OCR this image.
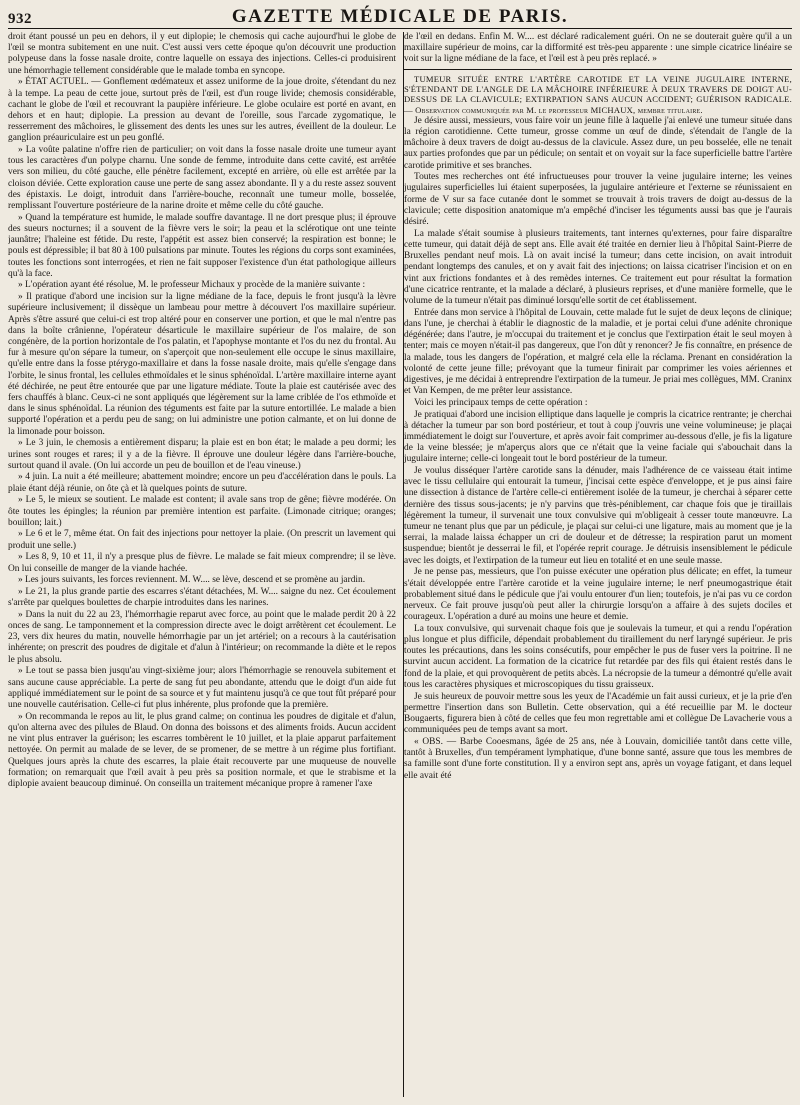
932	GAZETTE MÉDICALE DE PARIS.

droit étant poussé un peu en dehors, il y eut diplopie; le chemosis qui cache aujourd'hui le globe de l'œil se montra subitement en une nuit. C'est aussi vers cette époque qu'on découvrit une production polypeuse dans la fosse nasale droite, contre laquelle on essaya des injections. Celles-ci produisirent une hémorrhagie tellement considérable que le malade tomba en syncope.

» ÉTAT ACTUEL. — Gonflement œdémateux et assez uniforme de la joue droite, s'étendant du nez à la tempe. La peau de cette joue, surtout près de l'œil, est d'un rouge livide; chemosis considérable, cachant le globe de l'œil et recouvrant la paupière inférieure. Le globe oculaire est porté en avant, en dehors et en haut; diplopie. La pression au devant de l'oreille, sous l'arcade zygomatique, le resserrement des mâchoires, le glissement des dents les unes sur les autres, éveillent de la douleur. Le ganglion préauriculaire est un peu gonflé.

» La voûte palatine n'offre rien de particulier; on voit dans la fosse nasale droite une tumeur ayant tous les caractères d'un polype charnu. Une sonde de femme, introduite dans cette cavité, est arrêtée vers son milieu, du côté gauche, elle pénètre facilement, excepté en arrière, où elle est arrêtée par la cloison déviée. Cette exploration cause une perte de sang assez abondante. Il y a du reste assez souvent des épistaxis. Le doigt, introduit dans l'arrière-bouche, reconnaît une tumeur molle, bosselée, remplissant l'ouverture postérieure de la narine droite et même celle du côté gauche.

» Quand la température est humide, le malade souffre davantage. Il ne dort presque plus; il éprouve des sueurs nocturnes; il a souvent de la fièvre vers le soir; la peau et la sclérotique ont une teinte jaunâtre; l'haleine est fétide. Du reste, l'appétit est assez bien conservé; la respiration est bonne; le pouls est dépressible; il bat 80 à 100 pulsations par minute. Toutes les régions du corps sont examinées, toutes les fonctions sont interrogées, et rien ne fait supposer l'existence d'un état pathologique ailleurs qu'à la face.

» L'opération ayant été résolue, M. le professeur Michaux y procède de la manière suivante :

» Il pratique d'abord une incision sur la ligne médiane de la face, depuis le front jusqu'à la lèvre supérieure inclusivement; il dissèque un lambeau pour mettre à découvert l'os maxillaire supérieur. Après s'être assuré que celui-ci est trop altéré pour en conserver une portion, et que le mal n'entre pas dans la boîte crânienne, l'opérateur désarticule le maxillaire supérieur de l'os malaire, de son congénère, de la portion horizontale de l'os palatin, et l'apophyse montante et l'os du nez du frontal. Au fur à mesure qu'on sépare la tumeur, on s'aperçoit que non-seulement elle occupe le sinus maxillaire, qu'elle entre dans la fosse ptérygo-maxillaire et dans la fosse nasale droite, mais qu'elle s'engage dans l'orbite, le sinus frontal, les cellules ethmoïdales et le sinus sphénoïdal. L'artère maxillaire interne ayant été déchirée, ne peut être entourée que par une ligature médiate. Toute la plaie est cautérisée avec des fers chauffés à blanc. Ceux-ci ne sont appliqués que légèrement sur la lame criblée de l'os ethmoïde et dans le sinus sphénoïdal. La réunion des téguments est faite par la suture entortillée. Le malade a bien supporté l'opération et a perdu peu de sang; on lui administre une potion calmante, et on lui donne de la limonade pour boisson.

» Le 3 juin, le chemosis a entièrement disparu; la plaie est en bon état; le malade a peu dormi; les urines sont rouges et rares; il y a de la fièvre. Il éprouve une douleur légère dans l'arrière-bouche, surtout quand il avale. (On lui accorde un peu de bouillon et de l'eau vineuse.)

» 4 juin. La nuit a été meilleure; abattement moindre; encore un peu d'accélération dans le pouls. La plaie étant déjà réunie, on ôte çà et là quelques points de suture.

» Le 5, le mieux se soutient. Le malade est content; il avale sans trop de gêne; fièvre modérée. On ôte toutes les épingles; la réunion par première intention est parfaite. (Limonade citrique; oranges; bouillon; lait.)

» Le 6 et le 7, même état. On fait des injections pour nettoyer la plaie. (On prescrit un lavement qui produit une selle.)

» Les 8, 9, 10 et 11, il n'y a presque plus de fièvre. Le malade se fait mieux comprendre; il se lève. On lui conseille de manger de la viande hachée.

» Les jours suivants, les forces reviennent. M. W.... se lève, descend et se promène au jardin.

» Le 21, la plus grande partie des escarres s'étant détachées, M. W.... saigne du nez. Cet écoulement s'arrête par quelques boulettes de charpie introduites dans les narines.

» Dans la nuit du 22 au 23, l'hémorrhagie reparut avec force, au point que le malade perdit 20 à 22 onces de sang. Le tamponnement et la compression directe avec le doigt arrêtèrent cet écoulement. Le 23, vers dix heures du matin, nouvelle hémorrhagie par un jet artériel; on a recours à la cautérisation inhérente; on prescrit des poudres de digitale et d'alun à l'intérieur; on recommande la diète et le repos le plus absolu.

» Le tout se passa bien jusqu'au vingt-sixième jour; alors l'hémorrhagie se renouvela subitement et sans aucune cause appréciable. La perte de sang fut peu abondante, attendu que le doigt d'un aide fut appliqué immédiatement sur le point de sa source et y fut maintenu jusqu'à ce que tout fût préparé pour une nouvelle cautérisation. Celle-ci fut plus inhérente, plus profonde que la première.

» On recommanda le repos au lit, le plus grand calme; on continua les poudres de digitale et d'alun, qu'on alterna avec des pilules de Blaud. On donna des boissons et des aliments froids. Aucun accident ne vint plus entraver la guérison; les escarres tombèrent le 10 juillet, et la plaie apparut parfaitement nettoyée. On permit au malade de se lever, de se promener, de se mettre à un régime plus fortifiant. Quelques jours après la chute des escarres, la plaie était recouverte par une muqueuse de nouvelle formation; on remarquait que l'œil avait à peu près sa position normale, et que le strabisme et la diplopie avaient beaucoup diminué. On conseilla un traitement mécanique propre à ramener l'axe

de l'œil en dedans. Enfin M. W.... est déclaré radicalement guéri. On ne se douterait guère qu'il a un maxillaire supérieur de moins, car la difformité est très-peu apparente : une simple cicatrice linéaire se voit sur la ligne médiane de la face, et l'œil est à peu près replacé. »

TUMEUR SITUÉE ENTRE L'ARTÈRE CAROTIDE ET LA VEINE JUGULAIRE INTERNE, S'ÉTENDANT DE L'ANGLE DE LA MÂCHOIRE INFÉRIEURE À DEUX TRAVERS DE DOIGT AU-DESSUS DE LA CLAVICULE; EXTIRPATION SANS AUCUN ACCIDENT; GUÉRISON RADICALE. — Observation communiquée par M. le professeur MICHAUX, membre titulaire.

Je désire aussi, messieurs, vous faire voir un jeune fille à laquelle j'ai enlevé une tumeur située dans la région carotidienne. Cette tumeur, grosse comme un œuf de dinde, s'étendait de l'angle de la mâchoire à deux travers de doigt au-dessus de la clavicule. Assez dure, un peu bosselée, elle ne tenait aux parties profondes que par un pédicule; on sentait et on voyait sur la face superficielle battre l'artère carotide primitive et ses branches.

Toutes mes recherches ont été infructueuses pour trouver la veine jugulaire interne; les veines jugulaires superficielles lui étaient superposées, la jugulaire antérieure et l'externe se réunissaient en forme de V sur sa face cutanée dont le sommet se trouvait à trois travers de doigt au-dessus de la clavicule; cette disposition anatomique m'a empêché d'inciser les téguments aussi bas que je l'aurais désiré.

La malade s'était soumise à plusieurs traitements, tant internes qu'externes, pour faire disparaître cette tumeur, qui datait déjà de sept ans. Elle avait été traitée en dernier lieu à l'hôpital Saint-Pierre de Bruxelles pendant neuf mois. Là on avait incisé la tumeur; dans cette incision, on avait introduit pendant longtemps des canules, et on y avait fait des injections; on laissa cicatriser l'incision et on en vint aux frictions fondantes et à des remèdes internes. Ce traitement eut pour résultat la formation d'une cicatrice rentrante, et la malade a déclaré, à plusieurs reprises, et d'une manière formelle, que le volume de la tumeur n'était pas diminué lorsqu'elle sortit de cet établissement.

Entrée dans mon service à l'hôpital de Louvain, cette malade fut le sujet de deux leçons de clinique; dans l'une, je cherchai à établir le diagnostic de la maladie, et je portai celui d'une adénite chronique dégénérée; dans l'autre, je m'occupai du traitement et je conclus que l'extirpation était le seul moyen à tenter; mais ce moyen n'était-il pas dangereux, que l'on dût y renoncer? Je fis connaître, en présence de la malade, tous les dangers de l'opération, et malgré cela elle la réclama. Prenant en considération la volonté de cette jeune fille; prévoyant que la tumeur finirait par comprimer les voies aériennes et digestives, je me décidai à entreprendre l'extirpation de la tumeur. Je priai mes collègues, MM. Craninx et Van Kempen, de me prêter leur assistance.

Voici les principaux temps de cette opération :

Je pratiquai d'abord une incision elliptique dans laquelle je compris la cicatrice rentrante; je cherchai à détacher la tumeur par son bord postérieur, et tout à coup j'ouvris une veine volumineuse; je plaçai immédiatement le doigt sur l'ouverture, et après avoir fait comprimer au-dessous d'elle, je fis la ligature de la veine blessée; je m'aperçus alors que ce n'était que la veine faciale qui s'abouchait dans la jugulaire interne; celle-ci longeait tout le bord postérieur de la tumeur.

Je voulus disséquer l'artère carotide sans la dénuder, mais l'adhérence de ce vaisseau était intime avec le tissu cellulaire qui entourait la tumeur, j'incisai cette espèce d'enveloppe, et je pus ainsi faire une dissection à distance de l'artère celle-ci entièrement isolée de la tumeur, je cherchai à séparer cette dernière des tissus sous-jacents; je n'y parvins que très-péniblement, car chaque fois que je tiraillais légèrement la tumeur, il survenait une toux convulsive qui m'obligeait à cesser toute manœuvre. La tumeur ne tenant plus que par un pédicule, je plaçai sur celui-ci une ligature, mais au moment que je la serrai, la malade laissa échapper un cri de douleur et de détresse; la respiration parut un moment suspendue; bientôt je desserrai le fil, et l'opérée reprit courage. Je détruisis insensiblement le pédicule avec les doigts, et l'extirpation de la tumeur eut lieu en totalité et en une seule masse.

Je ne pense pas, messieurs, que l'on puisse exécuter une opération plus délicate; en effet, la tumeur s'était développée entre l'artère carotide et la veine jugulaire interne; le nerf pneumogastrique était probablement situé dans le pédicule que j'ai voulu entourer d'un lien; toutefois, je n'ai pas vu ce cordon nerveux. Ce fait prouve jusqu'où peut aller la chirurgie lorsqu'on a affaire à des sujets dociles et courageux. L'opération a duré au moins une heure et demie.

La toux convulsive, qui survenait chaque fois que je soulevais la tumeur, et qui a rendu l'opération plus longue et plus difficile, dépendait probablement du tiraillement du nerf laryngé supérieur. Je pris toutes les précautions, dans les soins consécutifs, pour empêcher le pus de fuser vers la poitrine. Il ne survint aucun accident. La formation de la cicatrice fut retardée par des fils qui étaient restés dans le fond de la plaie, et qui provoquèrent de petits abcès. La nécropsie de la tumeur a démontré qu'elle avait tous les caractères physiques et microscopiques du tissu graisseux.

Je suis heureux de pouvoir mettre sous les yeux de l'Académie un fait aussi curieux, et je la prie d'en permettre l'insertion dans son Bulletin. Cette observation, qui a été recueillie par M. le docteur Bougaerts, figurera bien à côté de celles que feu mon regrettable ami et collègue De Lavacherie vous a communiquées peu de temps avant sa mort.

« OBS. — Barbe Cooesmans, âgée de 25 ans, née à Louvain, domiciliée tantôt dans cette ville, tantôt à Bruxelles, d'un tempérament lymphatique, d'une bonne santé, assure que tous les membres de sa famille sont d'une forte constitution. Il y a environ sept ans, après un voyage fatigant, et dans lequel elle avait été
